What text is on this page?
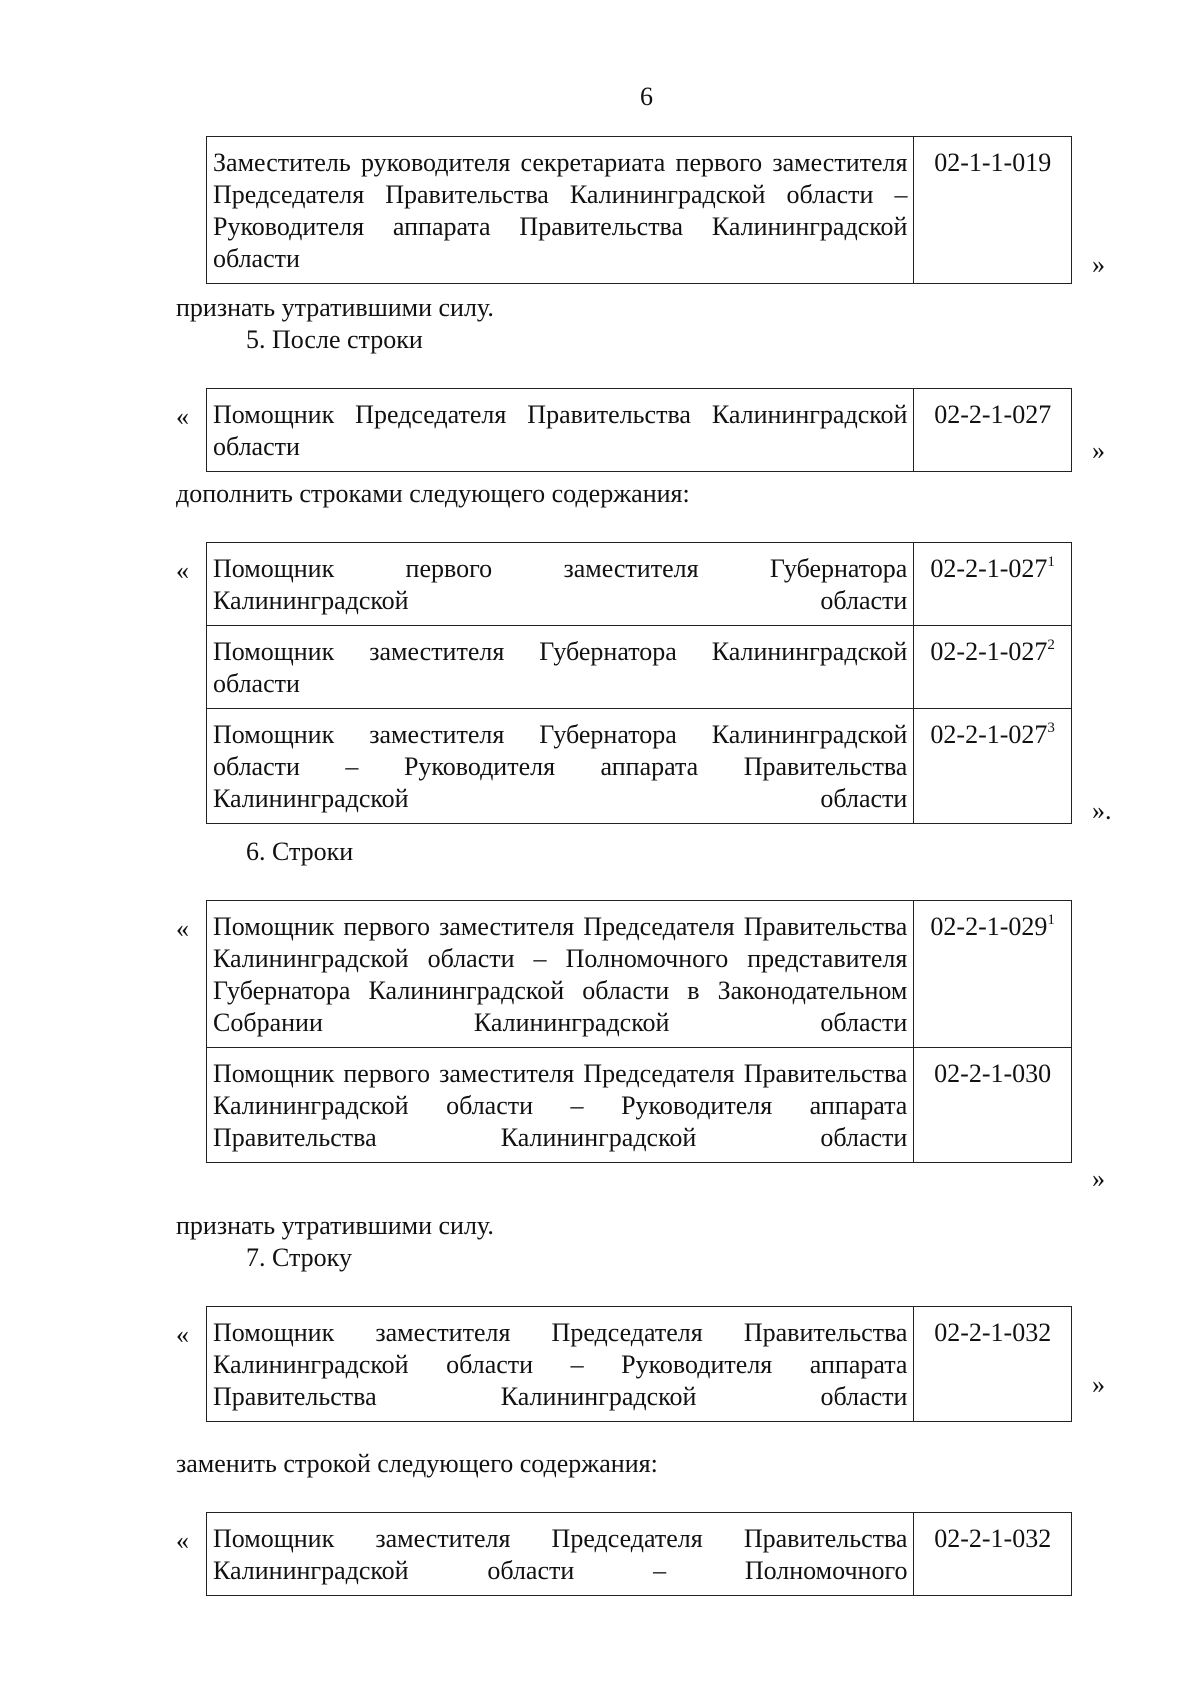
6
Заместитель руководителя секретариата первого заместителя Председателя Правительства Калининградской области – Руководителя аппарата Правительства Калининградской области	02-1-1-019
»
признать утратившими силу.
5. После строки
« Помощник Председателя Правительства Калининградской области	02-2-1-027
»
дополнить строками следующего содержания:
« Помощник первого заместителя Губернатора Калининградской области	$02-2-1-027^1$
Помощник заместителя Губернатора Калининградской области	$02-2-1-027^2$
Помощник заместителя Губернатора Калининградской области – Руководителя аппарата Правительства Калининградской области	$02-2-1-027^3$
».
6. Строки
« Помощник первого заместителя Председателя Правительства Калининградской области – Полномочного представителя Губернатора Калининградской области в Законодательном Собрании Калининградской области	$02-2-1-029^1$
Помощник первого заместителя Председателя Правительства Калининградской области – Руководителя аппарата Правительства Калининградской области	02-2-1-030
»
признать утратившими силу.
7. Строку
« Помощник заместителя Председателя Правительства Калининградской области – Руководителя аппарата Правительства Калининградской области	02-2-1-032
»
заменить строкой следующего содержания:
« Помощник заместителя Председателя Правительства Калининградской области – Полномочного	02-2-1-032
